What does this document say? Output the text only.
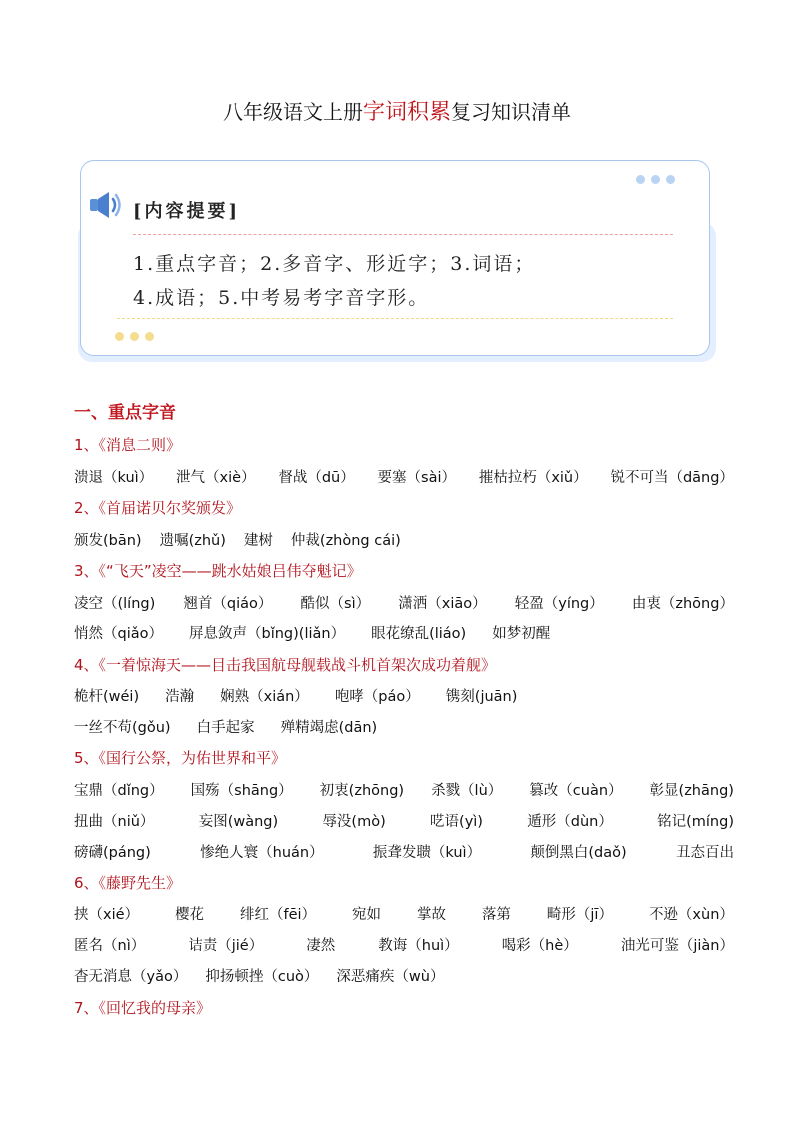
八年级语文上册字词积累复习知识清单
[内容提要]
1.重点字音；2.多音字、形近字；3.词语；
4.成语；5.中考易考字音字形。
一、重点字音
1、《消息二则》
溃退（kuì） 泄气（xiè） 督战（dū） 要塞（sài） 摧枯拉朽（xiǔ） 锐不可当（dāng）
2、《首届诺贝尔奖颁发》
颁发(bān) 遗嘱(zhǔ) 建树 仲裁(zhòng cái)
3、《“飞天”凌空——跳水姑娘吕伟夺魁记》
凌空（(líng) 翘首（qiáo） 酷似（sì） 潇洒（xiāo） 轻盈（yíng） 由衷（zhōng）
悄然（qiǎo） 屏息敛声（bǐng)(liǎn） 眼花缭乱(liáo) 如梦初醒
4、《一着惊海天——目击我国航母舰载战斗机首架次成功着舰》
桅杆(wéi) 浩瀚 娴熟（xián） 咆哮（páo） 镌刻(juān)
一丝不苟(gǒu) 白手起家 殚精竭虑(dān)
5、《国行公祭，为佑世界和平》
宝鼎（dǐng） 国殇（shāng） 初衷(zhōng) 杀戮（lù） 篡改（cuàn） 彰显(zhāng)
扭曲（niǔ）	妄图(wàng)	辱没(mò)	呓语(yì)	遁形（dùn）	铭记(míng)
磅礴(páng)	惨绝人寰（huán）	振聋发聩（kuì）	颠倒黑白(daǒ)	丑态百出
6、《藤野先生》
挟（xié） 樱花 绯红（fēi） 宛如 掌故 落第 畸形（jī） 不逊（xùn）
匿名（nì）	诘责（jié）	凄然	教诲（huì）	喝彩（hè）	油光可鉴（jiàn）
杳无消息（yǎo） 抑扬顿挫（cuò） 深恶痛疾（wù）
7、《回忆我的母亲》
